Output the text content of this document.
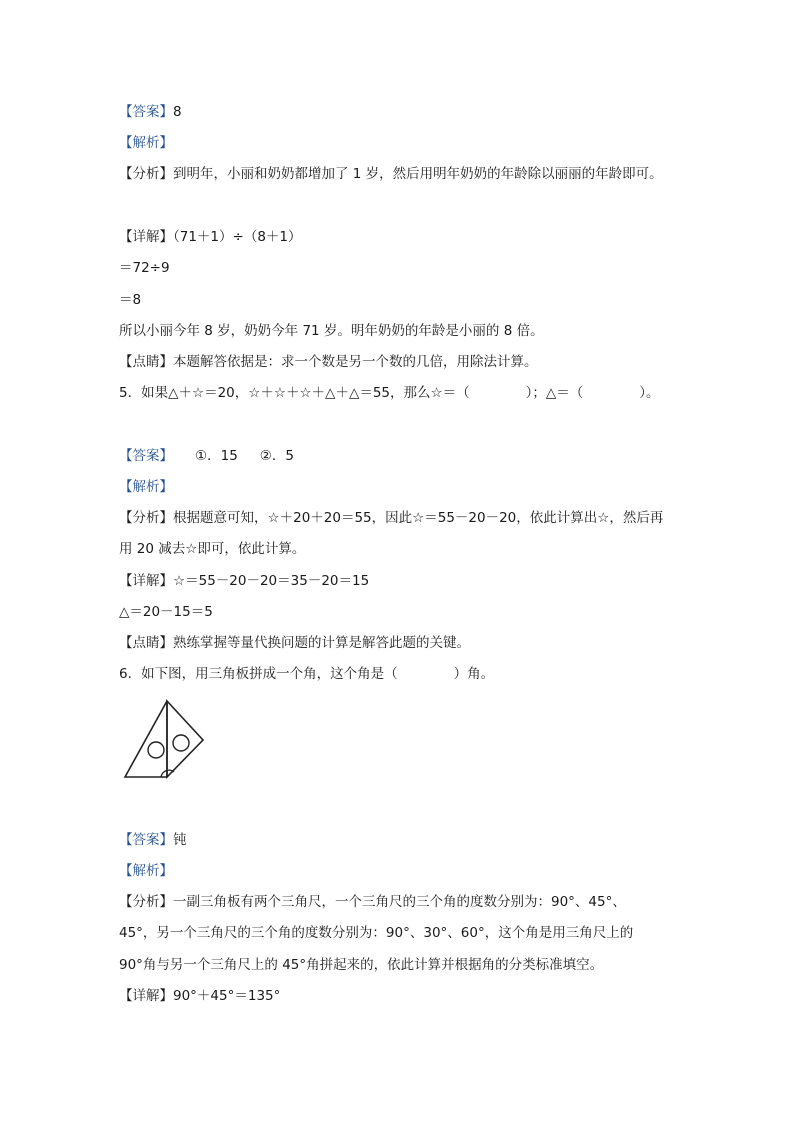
【答案】8
【解析】
【分析】到明年，小丽和奶奶都增加了 1 岁，然后用明年奶奶的年龄除以丽丽的年龄即可。
【详解】（71＋1）÷（8＋1）
＝72÷9
＝8
所以小丽今年 8 岁，奶奶今年 71 岁。明年奶奶的年龄是小丽的 8 倍。
【点睛】本题解答依据是：求一个数是另一个数的几倍，用除法计算。
5．如果△＋☆＝20，☆＋☆＋☆＋△＋△＝55，那么☆＝（	）；△＝（	）。
【答案】 ①．15 ②．5
【解析】
【分析】根据题意可知，☆＋20＋20＝55，因此☆＝55－20－20，依此计算出☆，然后再
用 20 减去☆即可，依此计算。
【详解】☆＝55－20－20＝35－20＝15
△＝20－15＝5
【点睛】熟练掌握等量代换问题的计算是解答此题的关键。
6．如下图，用三角板拼成一个角，这个角是（	）角。
【答案】钝
【解析】
【分析】一副三角板有两个三角尺，一个三角尺的三个角的度数分别为：90°、45°、
45°，另一个三角尺的三个角的度数分别为：90°、30°、60°，这个角是用三角尺上的
90°角与另一个三角尺上的 45°角拼起来的，依此计算并根据角的分类标准填空。
【详解】90°＋45°＝135°
